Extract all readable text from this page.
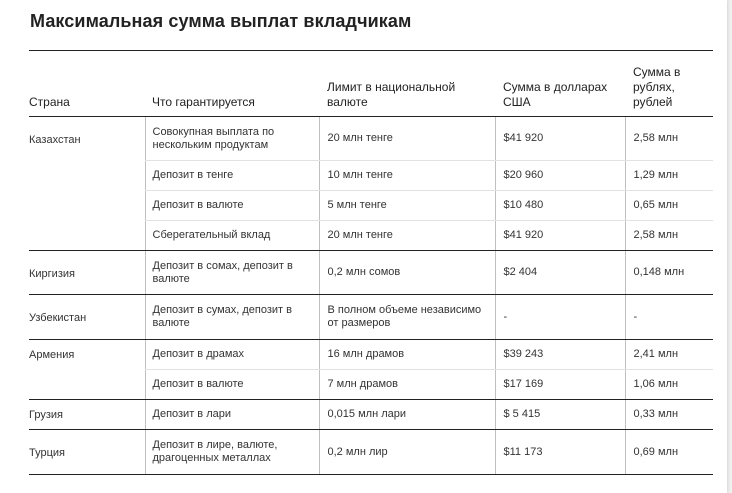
Максимальная сумма выплат вкладчикам
Страна	Что гарантируется	Лимит в национальной валюте	Сумма в долларах США	Сумма в рублях, рублей
Казахстан	Совокупная выплата по нескольким продуктам	20 млн тенге	$41 920	2,58 млн
	Депозит в тенге	10 млн тенге	$20 960	1,29 млн
	Депозит в валюте	5 млн тенге	$10 480	0,65 млн
	Сберегательный вклад	20 млн тенге	$41 920	2,58 млн
Киргизия	Депозит в сомах, депозит в валюте	0,2 млн сомов	$2 404	0,148 млн
Узбекистан	Депозит в сумах, депозит в валюте	В полном объеме независимо от размеров	-	-
Армения	Депозит в драмах	16 млн драмов	$39 243	2,41 млн
	Депозит в валюте	7 млн драмов	$17 169	1,06 млн
Грузия	Депозит в лари	0,015 млн лари	$ 5 415	0,33 млн
Турция	Депозит в лире, валюте, драгоценных металлах	0,2 млн лир	$11 173	0,69 млн
